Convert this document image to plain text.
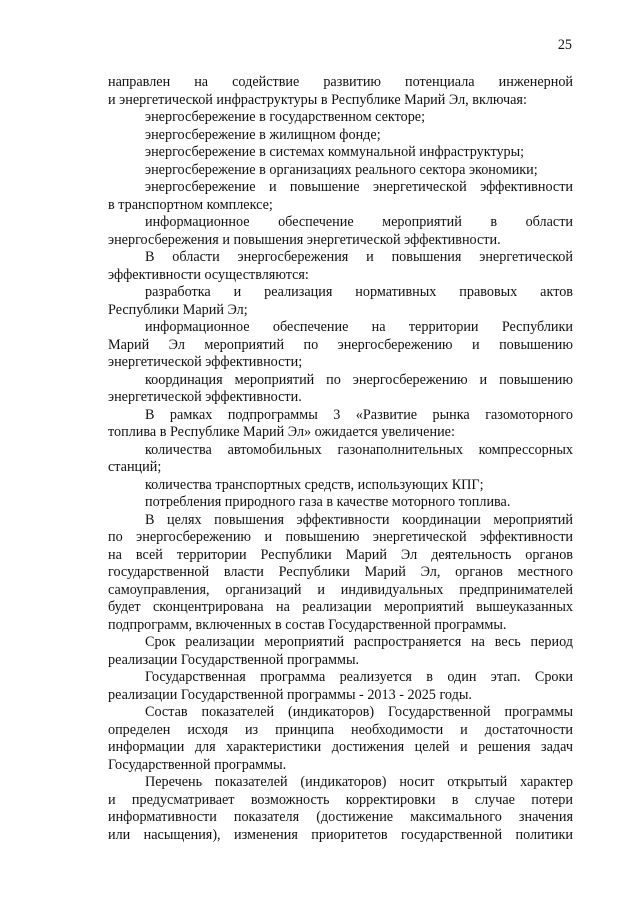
25
направлен на содействие развитию потенциала инженерной
и энергетической инфраструктуры в Республике Марий Эл, включая:
энергосбережение в государственном секторе;
энергосбережение в жилищном фонде;
энергосбережение в системах коммунальной инфраструктуры;
энергосбережение в организациях реального сектора экономики;
энергосбережение и повышение энергетической эффективности
в транспортном комплексе;
информационное обеспечение мероприятий в области
энергосбережения и повышения энергетической эффективности.
В области энергосбережения и повышения энергетической
эффективности осуществляются:
разработка и реализация нормативных правовых актов
Республики Марий Эл;
информационное обеспечение на территории Республики
Марий Эл мероприятий по энергосбережению и повышению
энергетической эффективности;
координация мероприятий по энергосбережению и повышению
энергетической эффективности.
В рамках подпрограммы 3 «Развитие рынка газомоторного
топлива в Республике Марий Эл» ожидается увеличение:
количества автомобильных газонаполнительных компрессорных
станций;
количества транспортных средств, использующих КПГ;
потребления природного газа в качестве моторного топлива.
В целях повышения эффективности координации мероприятий
по энергосбережению и повышению энергетической эффективности
на всей территории Республики Марий Эл деятельность органов
государственной власти Республики Марий Эл, органов местного
самоуправления, организаций и индивидуальных предпринимателей
будет сконцентрирована на реализации мероприятий вышеуказанных
подпрограмм, включенных в состав Государственной программы.
Срок реализации мероприятий распространяется на весь период
реализации Государственной программы.
Государственная программа реализуется в один этап. Сроки
реализации Государственной программы - 2013 - 2025 годы.
Состав показателей (индикаторов) Государственной программы
определен исходя из принципа необходимости и достаточности
информации для характеристики достижения целей и решения задач
Государственной программы.
Перечень показателей (индикаторов) носит открытый характер
и предусматривает возможность корректировки в случае потери
информативности показателя (достижение максимального значения
или насыщения), изменения приоритетов государственной политики
